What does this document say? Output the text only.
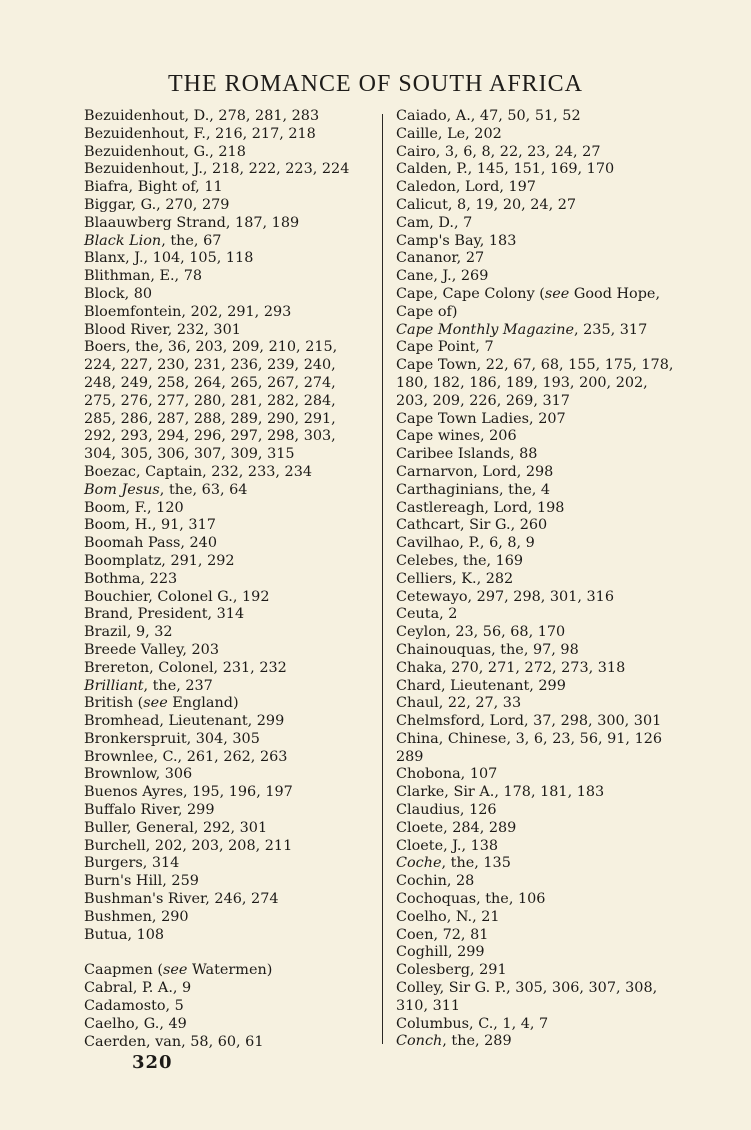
THE ROMANCE OF SOUTH AFRICA
Bezuidenhout, D., 278, 281, 283
Bezuidenhout, F., 216, 217, 218
Bezuidenhout, G., 218
Bezuidenhout, J., 218, 222, 223, 224
Biafra, Bight of, 11
Biggar, G., 270, 279
Blaauwberg Strand, 187, 189
Black Lion, the, 67
Blanx, J., 104, 105, 118
Blithman, E., 78
Block, 80
Bloemfontein, 202, 291, 293
Blood River, 232, 301
Boers, the, 36, 203, 209, 210, 215,
224, 227, 230, 231, 236, 239, 240,
248, 249, 258, 264, 265, 267, 274,
275, 276, 277, 280, 281, 282, 284,
285, 286, 287, 288, 289, 290, 291,
292, 293, 294, 296, 297, 298, 303,
304, 305, 306, 307, 309, 315
Boezac, Captain, 232, 233, 234
Bom Jesus, the, 63, 64
Boom, F., 120
Boom, H., 91, 317
Boomah Pass, 240
Boomplatz, 291, 292
Bothma, 223
Bouchier, Colonel G., 192
Brand, President, 314
Brazil, 9, 32
Breede Valley, 203
Brereton, Colonel, 231, 232
Brilliant, the, 237
British (see England)
Bromhead, Lieutenant, 299
Bronkerspruit, 304, 305
Brownlee, C., 261, 262, 263
Brownlow, 306
Buenos Ayres, 195, 196, 197
Buffalo River, 299
Buller, General, 292, 301
Burchell, 202, 203, 208, 211
Burgers, 314
Burn's Hill, 259
Bushman's River, 246, 274
Bushmen, 290
Butua, 108
Caapmen (see Watermen)
Cabral, P. A., 9
Cadamosto, 5
Caelho, G., 49
Caerden, van, 58, 60, 61
Caiado, A., 47, 50, 51, 52
Caille, Le, 202
Cairo, 3, 6, 8, 22, 23, 24, 27
Calden, P., 145, 151, 169, 170
Caledon, Lord, 197
Calicut, 8, 19, 20, 24, 27
Cam, D., 7
Camp's Bay, 183
Cananor, 27
Cane, J., 269
Cape, Cape Colony (see Good Hope,
Cape of)
Cape Monthly Magazine, 235, 317
Cape Point, 7
Cape Town, 22, 67, 68, 155, 175, 178,
180, 182, 186, 189, 193, 200, 202,
203, 209, 226, 269, 317
Cape Town Ladies, 207
Cape wines, 206
Caribee Islands, 88
Carnarvon, Lord, 298
Carthaginians, the, 4
Castlereagh, Lord, 198
Cathcart, Sir G., 260
Cavilhao, P., 6, 8, 9
Celebes, the, 169
Celliers, K., 282
Cetewayo, 297, 298, 301, 316
Ceuta, 2
Ceylon, 23, 56, 68, 170
Chainouquas, the, 97, 98
Chaka, 270, 271, 272, 273, 318
Chard, Lieutenant, 299
Chaul, 22, 27, 33
Chelmsford, Lord, 37, 298, 300, 301
China, Chinese, 3, 6, 23, 56, 91, 126
289
Chobona, 107
Clarke, Sir A., 178, 181, 183
Claudius, 126
Cloete, 284, 289
Cloete, J., 138
Coche, the, 135
Cochin, 28
Cochoquas, the, 106
Coelho, N., 21
Coen, 72, 81
Coghill, 299
Colesberg, 291
Colley, Sir G. P., 305, 306, 307, 308,
310, 311
Columbus, C., 1, 4, 7
Conch, the, 289
320
